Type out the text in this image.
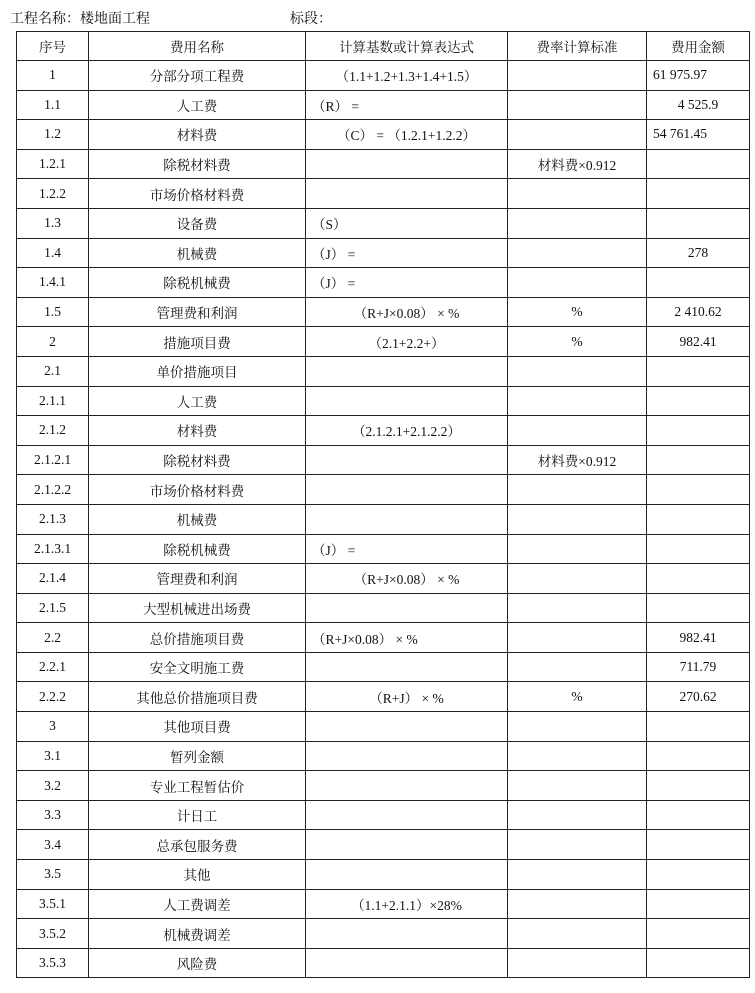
工程名称：楼地面工程	标段：
序号	费用名称	计算基数或计算表达式	费率计算标准	费用金额
1	分部分项工程费	（1.1+1.2+1.3+1.4+1.5）		61 975.97
1.1	人工费	（R） =		4 525.9
1.2	材料费	（C） = （1.2.1+1.2.2）		54 761.45
1.2.1	除税材料费		材料费×0.912	
1.2.2	市场价格材料费			
1.3	设备费	（S）		
1.4	机械费	（J） =		278
1.4.1	除税机械费	（J） =		
1.5	管理费和利润	（R+J×0.08） × %	%	2 410.62
2	措施项目费	（2.1+2.2+）	%	982.41
2.1	单价措施项目			
2.1.1	人工费			
2.1.2	材料费	（2.1.2.1+2.1.2.2）		
2.1.2.1	除税材料费		材料费×0.912	
2.1.2.2	市场价格材料费			
2.1.3	机械费			
2.1.3.1	除税机械费	（J） =		
2.1.4	管理费和利润	（R+J×0.08） × %		
2.1.5	大型机械进出场费			
2.2	总价措施项目费	（R+J×0.08） × %		982.41
2.2.1	安全文明施工费			711.79
2.2.2	其他总价措施项目费	（R+J） × %	%	270.62
3	其他项目费			
3.1	暂列金额			
3.2	专业工程暂估价			
3.3	计日工			
3.4	总承包服务费			
3.5	其他			
3.5.1	人工费调差	（1.1+2.1.1）×28%		
3.5.2	机械费调差			
3.5.3	风险费			
